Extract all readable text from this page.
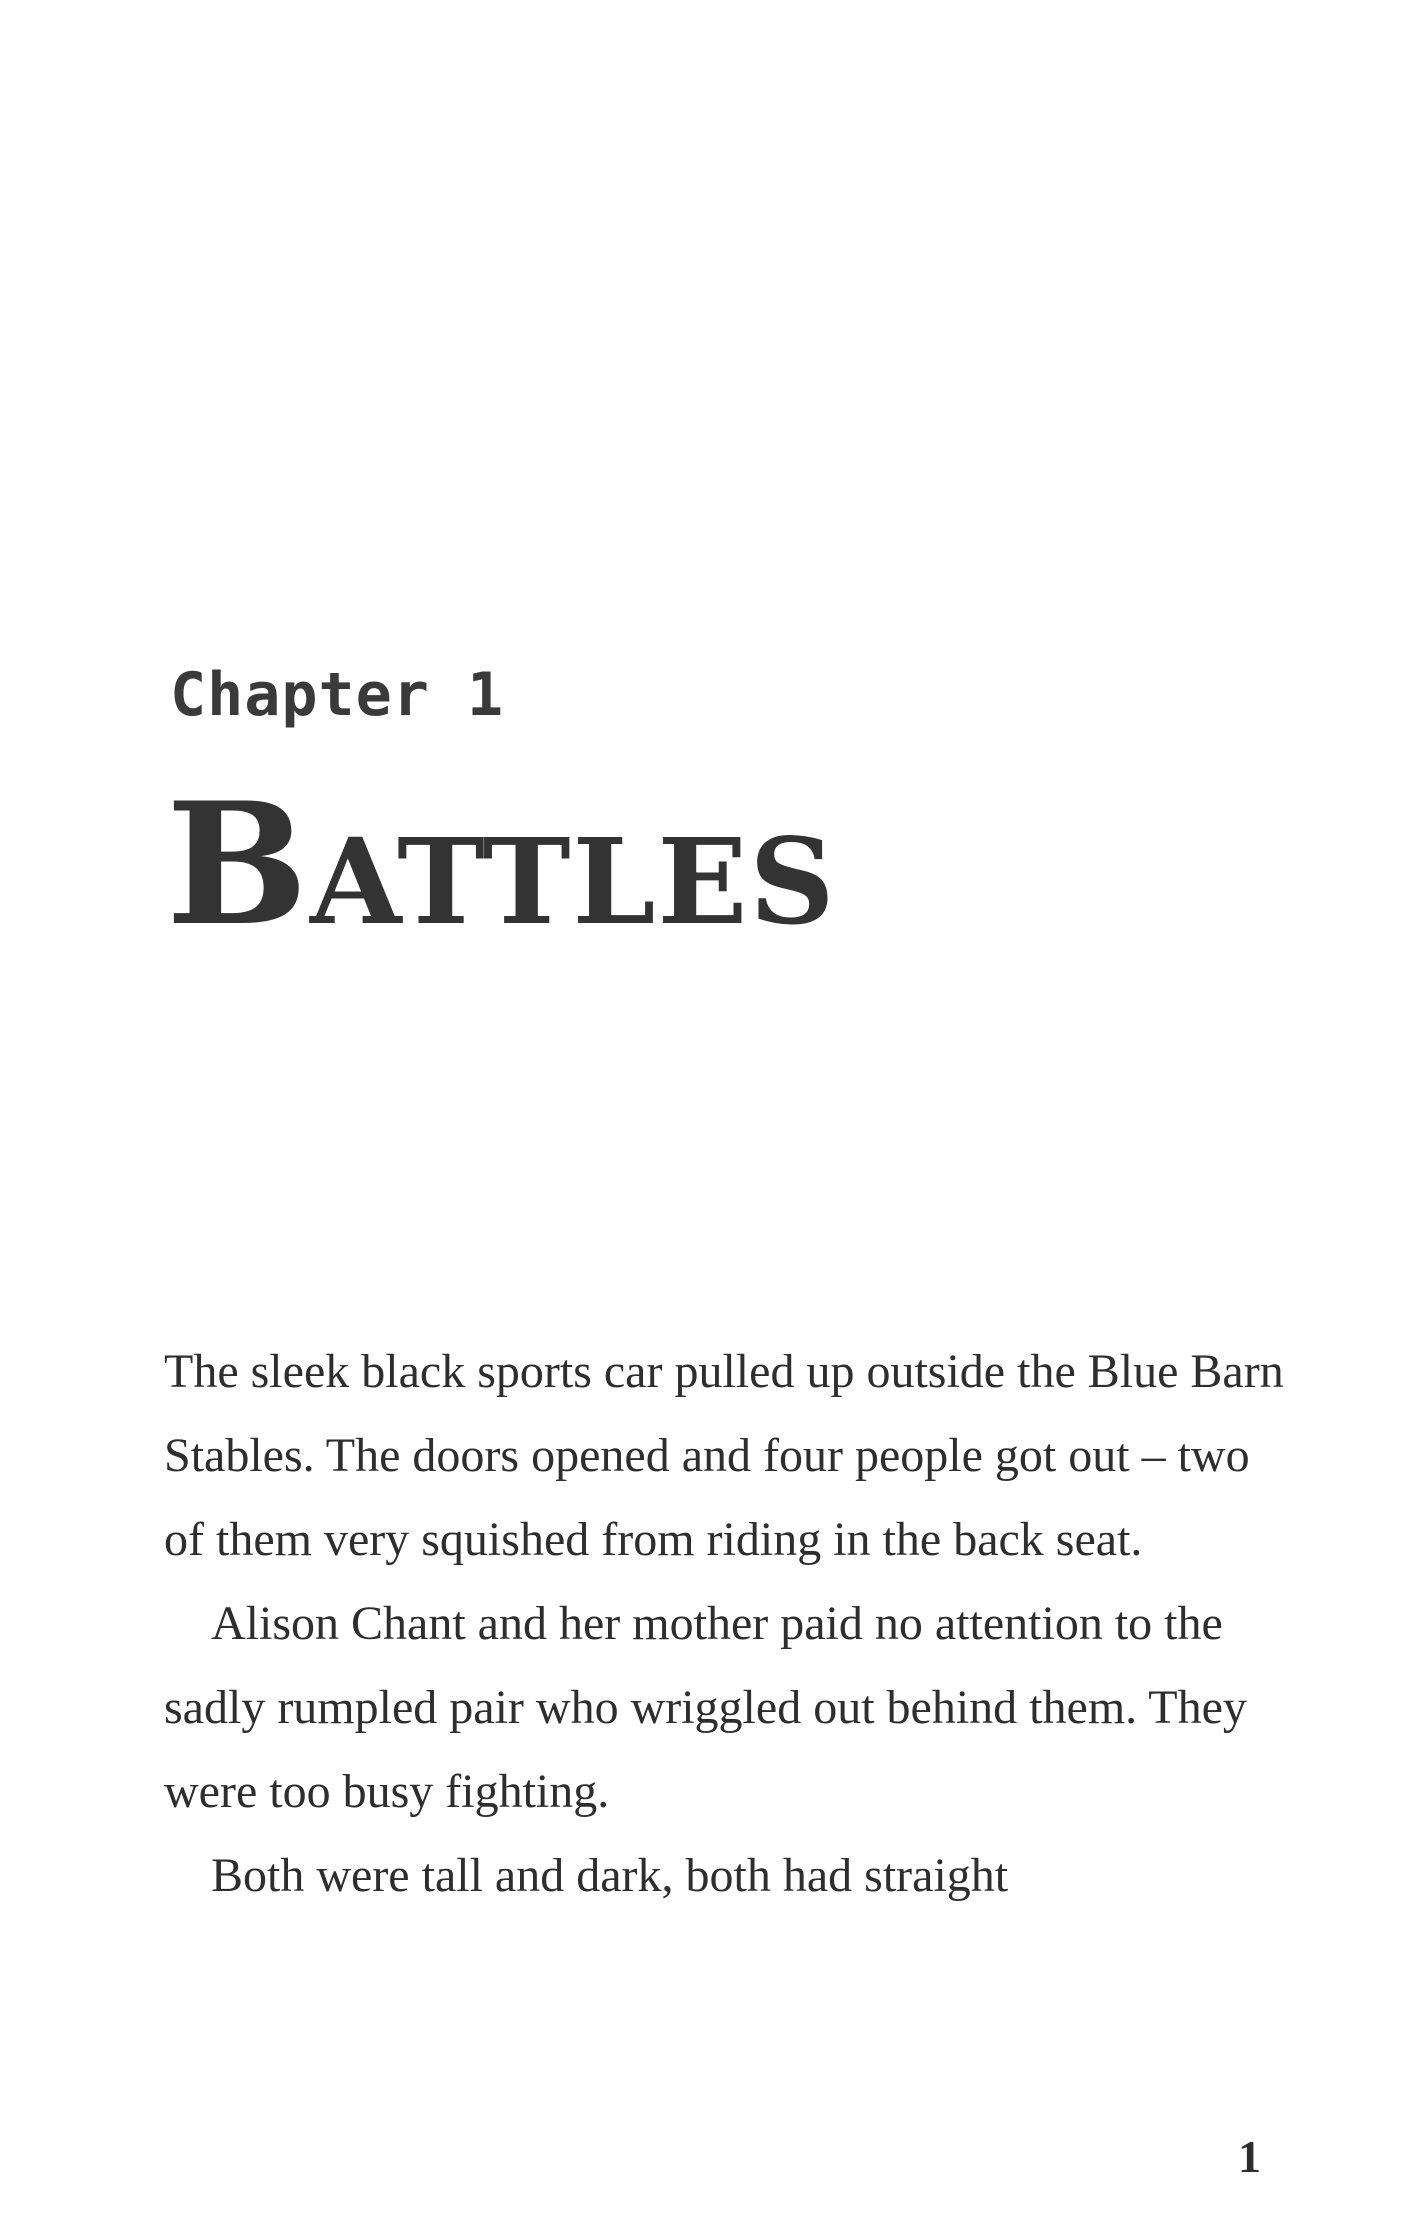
Chapter 1
Battles

The sleek black sports car pulled up outside the Blue Barn Stables. The doors opened and four people got out – two of them very squished from riding in the back seat.

Alison Chant and her mother paid no attention to the sadly rumpled pair who wriggled out behind them. They were too busy fighting.

Both were tall and dark, both had straight

1
